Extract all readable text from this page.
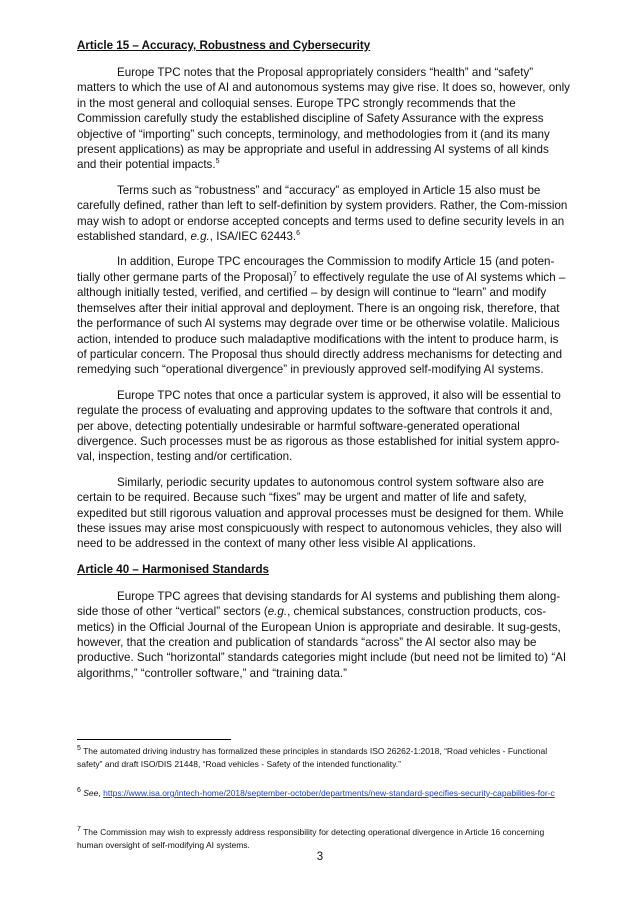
Article 15 – Accuracy, Robustness and Cybersecurity

Europe TPC notes that the Proposal appropriately considers “health” and “safety” matters to which the use of AI and autonomous systems may give rise. It does so, however, only in the most general and colloquial senses. Europe TPC strongly recommends that the Commission carefully study the established discipline of Safety Assurance with the express objective of “importing” such concepts, terminology, and methodologies from it (and its many present applications) as may be appropriate and useful in addressing AI systems of all kinds and their potential impacts.$^5$

Terms such as “robustness” and “accuracy” as employed in Article 15 also must be carefully defined, rather than left to self-definition by system providers. Rather, the Com-mission may wish to adopt or endorse accepted concepts and terms used to define security levels in an established standard, e.g., ISA/IEC 62443.$^6$

In addition, Europe TPC encourages the Commission to modify Article 15 (and poten-tially other germane parts of the Proposal)$^7$ to effectively regulate the use of AI systems which – although initially tested, verified, and certified – by design will continue to “learn” and modify themselves after their initial approval and deployment. There is an ongoing risk, therefore, that the performance of such AI systems may degrade over time or be otherwise volatile. Malicious action, intended to produce such maladaptive modifications with the intent to produce harm, is of particular concern. The Proposal thus should directly address mechanisms for detecting and remedying such “operational divergence” in previously approved self-modifying AI systems.

Europe TPC notes that once a particular system is approved, it also will be essential to regulate the process of evaluating and approving updates to the software that controls it and, per above, detecting potentially undesirable or harmful software-generated operational divergence. Such processes must be as rigorous as those established for initial system appro-val, inspection, testing and/or certification.

Similarly, periodic security updates to autonomous control system software also are certain to be required. Because such “fixes” may be urgent and matter of life and safety, expedited but still rigorous valuation and approval processes must be designed for them. While these issues may arise most conspicuously with respect to autonomous vehicles, they also will need to be addressed in the context of many other less visible AI applications.

Article 40 – Harmonised Standards

Europe TPC agrees that devising standards for AI systems and publishing them along-side those of other “vertical” sectors (e.g., chemical substances, construction products, cos-metics) in the Official Journal of the European Union is appropriate and desirable. It sug-gests, however, that the creation and publication of standards “across” the AI sector also may be productive. Such “horizontal” standards categories might include (but need not be limited to) “AI algorithms,” “controller software,” and “training data.”

$^5$ The automated driving industry has formalized these principles in standards ISO 26262-1:2018, “Road vehicles - Functional safety” and draft ISO/DIS 21448, “Road vehicles - Safety of the intended functionality.”
$^6$ See, https://www.isa.org/intech-home/2018/september-october/departments/new-standard-specifies-security-capabilities-for-c
$^7$ The Commission may wish to expressly address responsibility for detecting operational divergence in Article 16 concerning human oversight of self-modifying AI systems.
3
